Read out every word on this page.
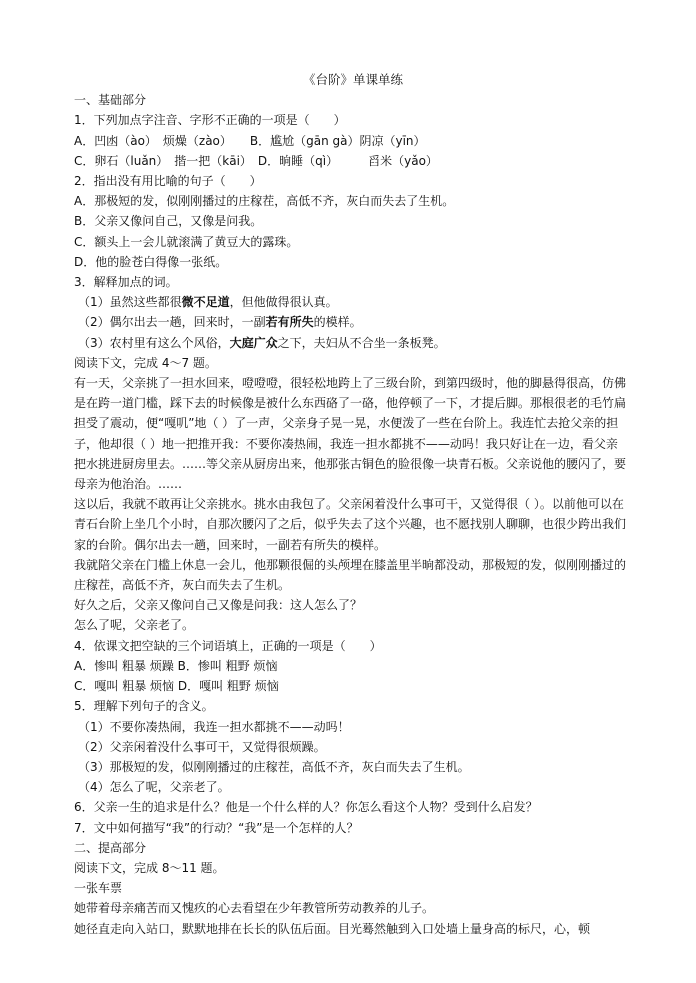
《台阶》单课单练

一、基础部分

1．下列加点字注音、字形不正确的一项是（　　）

A．凹凼（ào）　烦燥（zào）　　B．尴尬（gān gà）阴凉（yīn）

C．卵石（luǎn）　揩一把（kāi）　D．晌睡（qì）　　　舀米（yǎo）

2．指出没有用比喻的句子（　　）

A．那极短的发，似刚刚播过的庄稼茬，高低不齐，灰白而失去了生机。

B．父亲又像问自己，又像是问我。

C．额头上一会儿就滚满了黄豆大的露珠。

D．他的脸苍白得像一张纸。

3．解释加点的词。

（1）虽然这些都很微不足道，但他做得很认真。

（2）偶尔出去一趟，回来时，一副若有所失的模样。

（3）农村里有这么个风俗，大庭广众之下，夫妇从不合坐一条板凳。

阅读下文，完成 4～7 题。

有一天，父亲挑了一担水回来，噔噔噔，很轻松地跨上了三级台阶，到第四级时，他的脚悬得很高，仿佛是在跨一道门槛，踩下去的时候像是被什么东西硌了一硌，他停顿了一下，才提后脚。那根很老的毛竹扁担受了震动，便“嘎叽”地（ ）了一声，父亲身子晃一晃，水便泼了一些在台阶上。我连忙去抢父亲的担子，他却很（ ）地一把推开我：不要你凑热闹，我连一担水都挑不——动吗！我只好让在一边，看父亲把水挑进厨房里去。……等父亲从厨房出来，他那张古铜色的脸很像一块青石板。父亲说他的腰闪了，要母亲为他治治。……

这以后，我就不敢再让父亲挑水。挑水由我包了。父亲闲着没什么事可干，又觉得很（ ）。以前他可以在青石台阶上坐几个小时，自那次腰闪了之后，似乎失去了这个兴趣，也不愿找别人聊聊，也很少跨出我们家的台阶。偶尔出去一趟，回来时，一副若有所失的模样。

我就陪父亲在门槛上休息一会儿，他那颗很倔的头颅埋在膝盖里半晌都没动，那极短的发，似刚刚播过的庄稼茬，高低不齐，灰白而失去了生机。

好久之后，父亲又像问自己又像是问我：这人怎么了？

怎么了呢，父亲老了。

4．依课文把空缺的三个词语填上，正确的一项是（　　）

A．惨叫 粗暴 烦躁 B．惨叫 粗野 烦恼

C．嘎叫 粗暴 烦恼 D．嘎叫 粗野 烦恼

5．理解下列句子的含义。

（1）不要你凑热闹，我连一担水都挑不——动吗！

（2）父亲闲着没什么事可干，又觉得很烦躁。

（3）那极短的发，似刚刚播过的庄稼茬，高低不齐，灰白而失去了生机。

（4）怎么了呢，父亲老了。

6．父亲一生的追求是什么？他是一个什么样的人？你怎么看这个人物？受到什么启发？

7．文中如何描写“我”的行动？“我”是一个怎样的人？

二、提高部分

阅读下文，完成 8～11 题。

一张车票

她带着母亲痛苦而又愧疚的心去看望在少年教管所劳动教养的儿子。

她径直走向入站口，默默地排在长长的队伍后面。目光蓦然触到入口处墙上量身高的标尺，心，顿
